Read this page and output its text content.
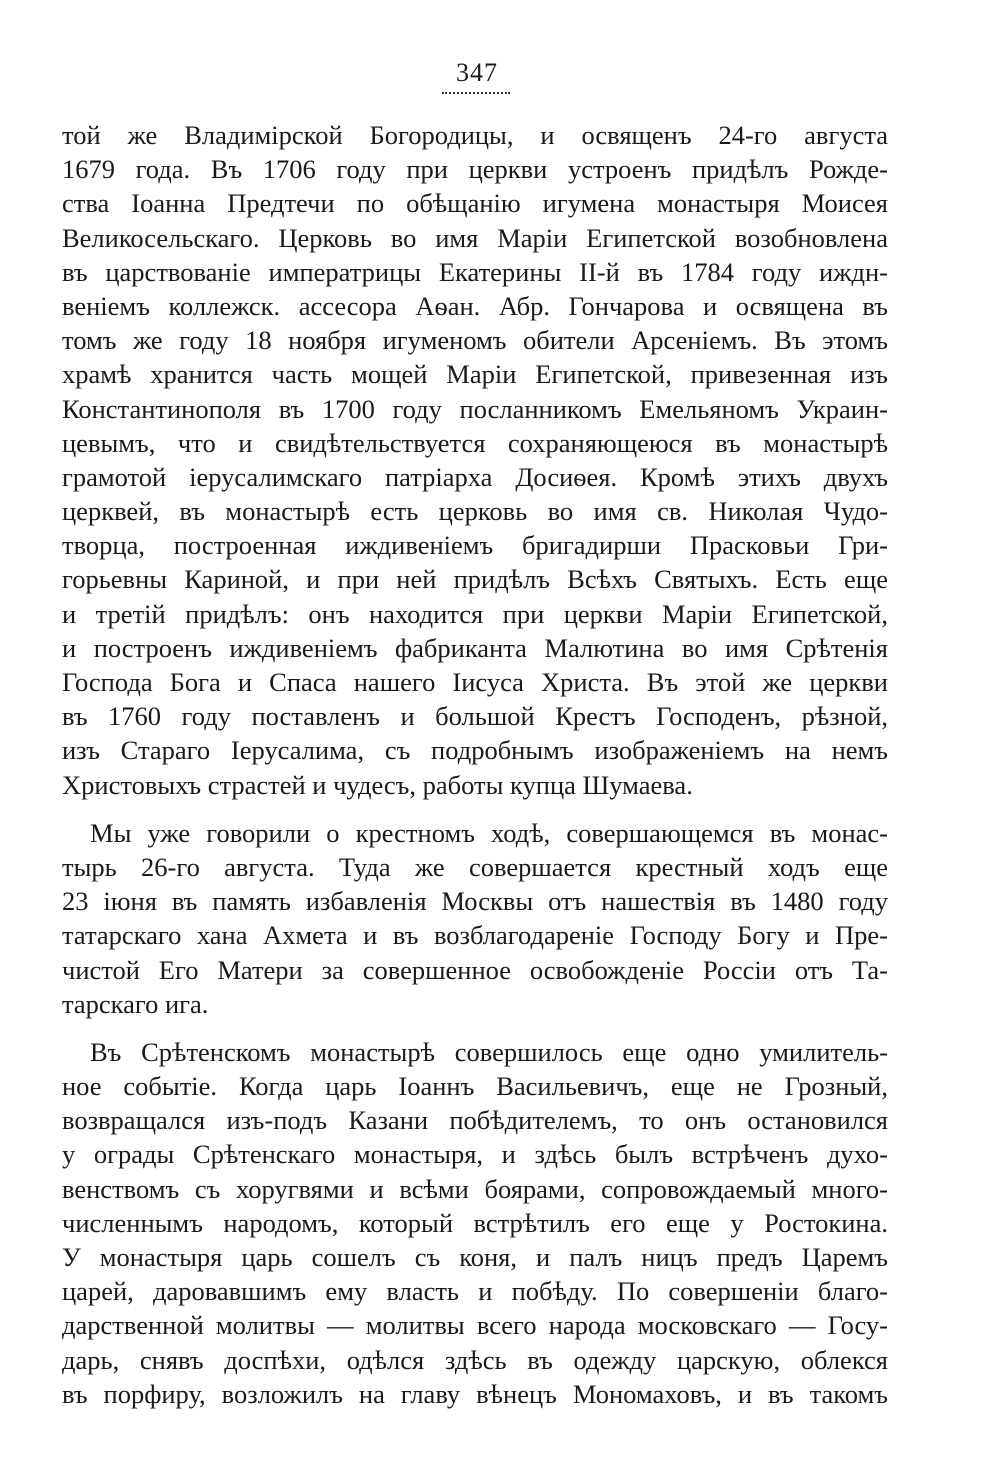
347
той же Владимірской Богородицы, и освященъ 24-го августа
1679 года. Въ 1706 году при церкви устроенъ придѣлъ Рожде-
ства Іоанна Предтечи по обѣщанію игумена монастыря Моисея
Великосельскаго. Церковь во имя Маріи Египетской возобновлена
въ царствованіе императрицы Екатерины II-й въ 1784 году иждн-
веніемъ коллежск. ассесора Аѳан. Абр. Гончарова и освящена въ
томъ же году 18 ноября игуменомъ обители Арсеніемъ. Въ этомъ
храмѣ хранится часть мощей Маріи Египетской, привезенная изъ
Константинополя въ 1700 году посланникомъ Емельяномъ Украин-
цевымъ, что и свидѣтельствуется сохраняющеюся въ монастырѣ
грамотой іерусалимскаго патріарха Досиѳея. Кромѣ этихъ двухъ
церквей, въ монастырѣ есть церковь во имя св. Николая Чудо-
творца, построенная иждивеніемъ бригадирши Прасковьи Гри-
горьевны Кариной, и при ней придѣлъ Всѣхъ Святыхъ. Есть еще
и третій придѣлъ: онъ находится при церкви Маріи Египетской,
и построенъ иждивеніемъ фабриканта Малютина во имя Срѣтенія
Господа Бога и Спаса нашего Іисуса Христа. Въ этой же церкви
въ 1760 году поставленъ и большой Крестъ Господенъ, рѣзной,
изъ Стараго Іерусалима, съ подробнымъ изображеніемъ на немъ
Христовыхъ страстей и чудесъ, работы купца Шумаева.
Мы уже говорили о крестномъ ходѣ, совершающемся въ монас-
тырь 26-го августа. Туда же совершается крестный ходъ еще
23 іюня въ память избавленія Москвы отъ нашествія въ 1480 году
татарскаго хана Ахмета и въ возблагодареніе Господу Богу и Пре-
чистой Его Матери за совершенное освобожденіе Россіи отъ Та-
тарскаго ига.
Въ Срѣтенскомъ монастырѣ совершилось еще одно умилитель-
ное событіе. Когда царь Іоаннъ Васильевичъ, еще не Грозный,
возвращался изъ-подъ Казани побѣдителемъ, то онъ остановился
у ограды Срѣтенскаго монастыря, и здѣсь былъ встрѣченъ духо-
венствомъ съ хоругвями и всѣми боярами, сопровождаемый много-
численнымъ народомъ, который встрѣтилъ его еще у Ростокина.
У монастыря царь сошелъ съ коня, и палъ ницъ предъ Царемъ
царей, даровавшимъ ему власть и побѣду. По совершеніи благо-
дарственной молитвы — молитвы всего народа московскаго — Госу-
дарь, снявъ доспѣхи, одѣлся здѣсь въ одежду царскую, облекся
въ порфиру, возложилъ на главу вѣнецъ Мономаховъ, и въ такомъ
